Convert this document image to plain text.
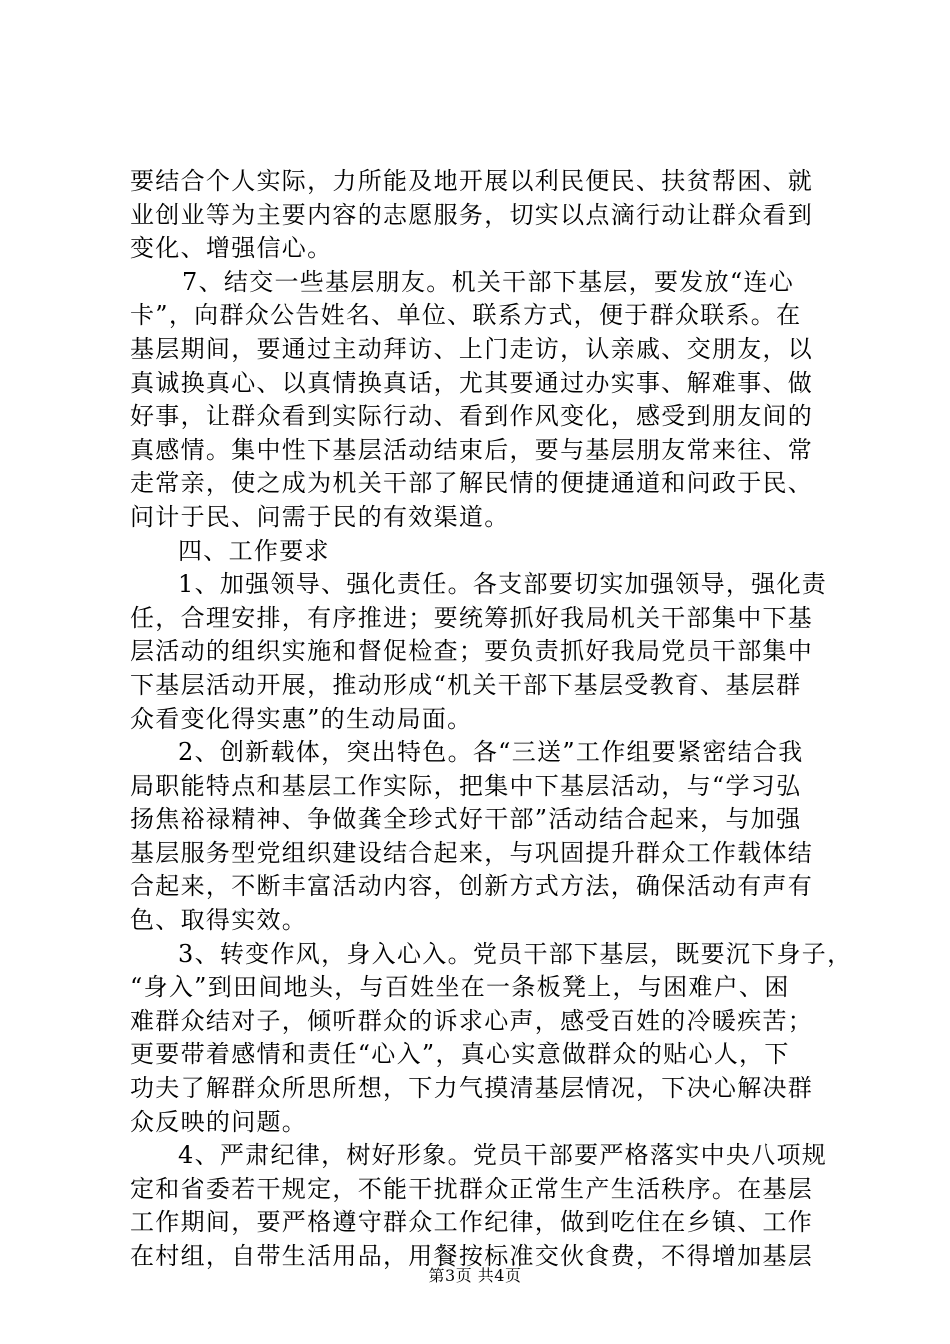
要结合个人实际，力所能及地开展以利民便民、扶贫帮困、就
业创业等为主要内容的志愿服务，切实以点滴行动让群众看到
变化、增强信心。
7、结交一些基层朋友。机关干部下基层，要发放“连心
卡”，向群众公告姓名、单位、联系方式，便于群众联系。在
基层期间，要通过主动拜访、上门走访，认亲戚、交朋友，以
真诚换真心、以真情换真话，尤其要通过办实事、解难事、做
好事，让群众看到实际行动、看到作风变化，感受到朋友间的
真感情。集中性下基层活动结束后，要与基层朋友常来往、常
走常亲，使之成为机关干部了解民情的便捷通道和问政于民、
问计于民、问需于民的有效渠道。
四、工作要求
1、加强领导、强化责任。各支部要切实加强领导，强化责
任，合理安排，有序推进；要统筹抓好我局机关干部集中下基
层活动的组织实施和督促检查；要负责抓好我局党员干部集中
下基层活动开展，推动形成“机关干部下基层受教育、基层群
众看变化得实惠”的生动局面。
2、创新载体，突出特色。各“三送”工作组要紧密结合我
局职能特点和基层工作实际，把集中下基层活动，与“学习弘
扬焦裕禄精神、争做龚全珍式好干部”活动结合起来，与加强
基层服务型党组织建设结合起来，与巩固提升群众工作载体结
合起来，不断丰富活动内容，创新方式方法，确保活动有声有
色、取得实效。
3、转变作风，身入心入。党员干部下基层，既要沉下身子，
“身入”到田间地头，与百姓坐在一条板凳上，与困难户、困
难群众结对子，倾听群众的诉求心声，感受百姓的冷暖疾苦；
更要带着感情和责任“心入”，真心实意做群众的贴心人，下
功夫了解群众所思所想，下力气摸清基层情况，下决心解决群
众反映的问题。
4、严肃纪律，树好形象。党员干部要严格落实中央八项规
定和省委若干规定，不能干扰群众正常生产生活秩序。在基层
工作期间，要严格遵守群众工作纪律，做到吃住在乡镇、工作
在村组，自带生活用品，用餐按标准交伙食费，不得增加基层
第3页 共4页
